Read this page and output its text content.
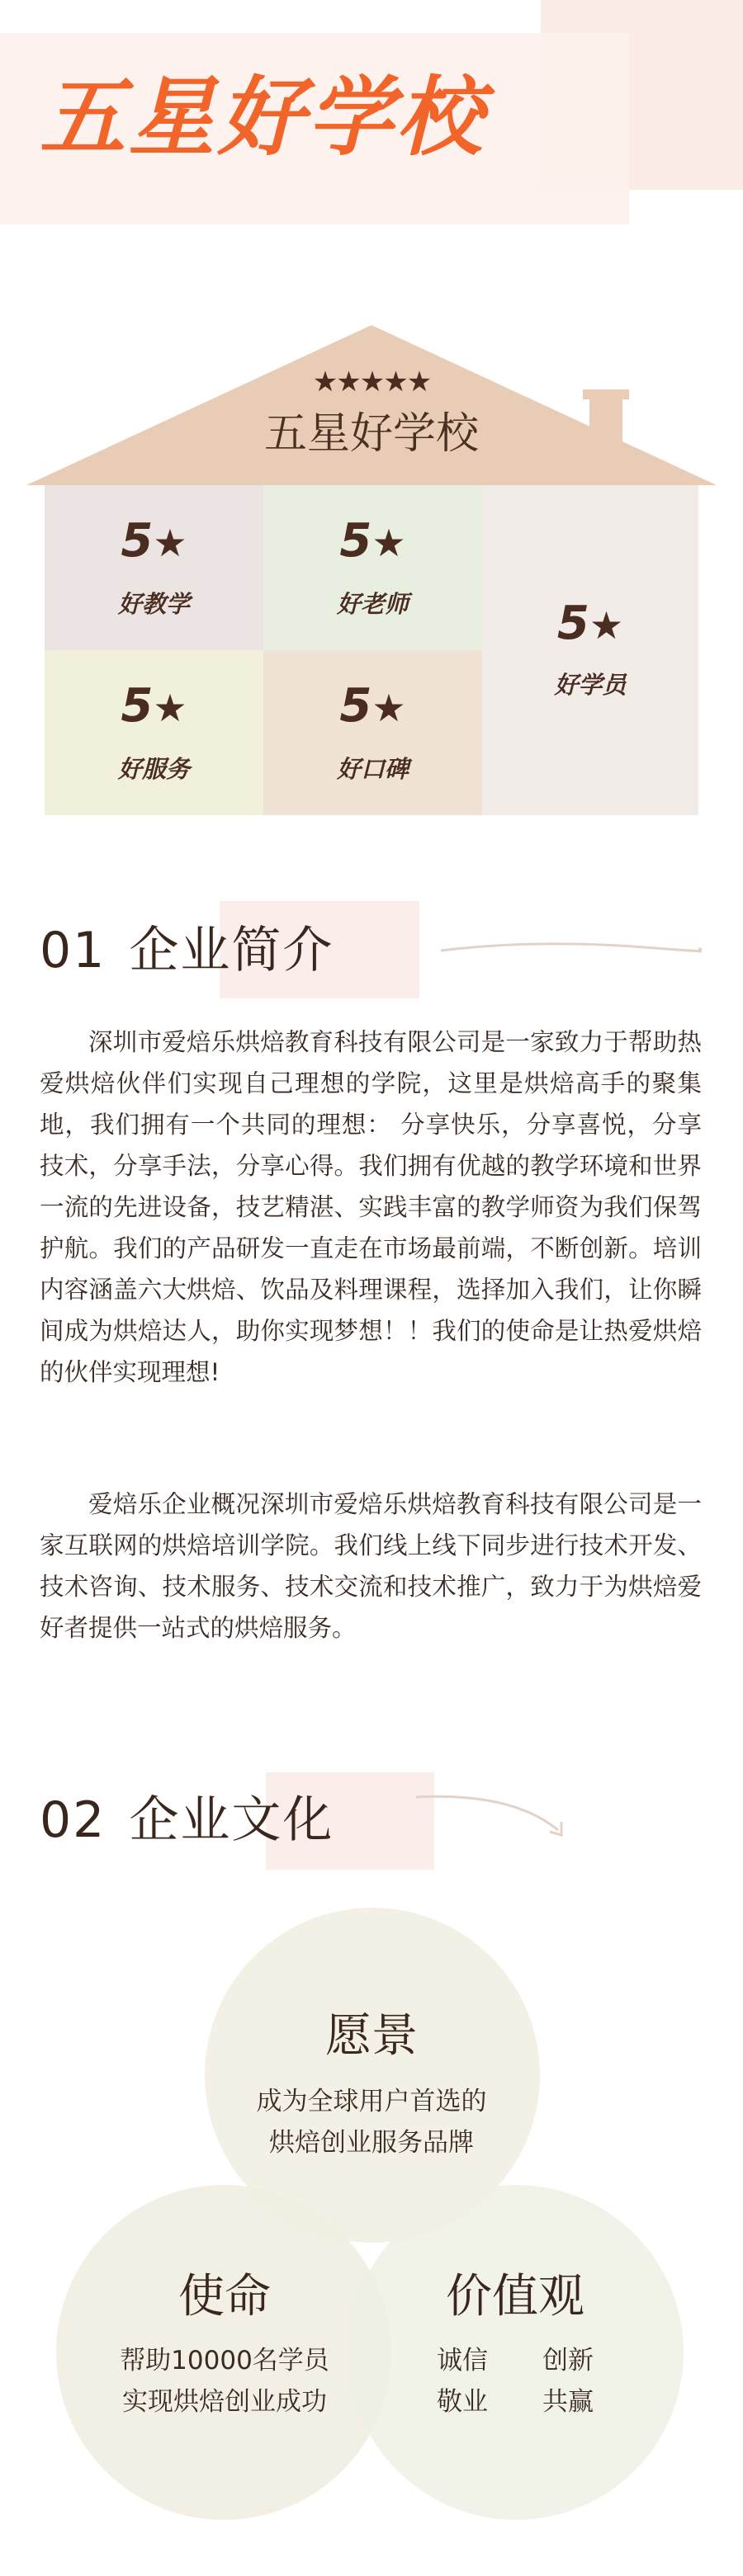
五星好学校
★★★★★
五星好学校
5★
好教学
5★
好老师	5★
好学员
5★
好服务
5★
好口碑
01 企业简介

深圳市爱焙乐烘焙教育科技有限公司是一家致力于帮助热爱烘焙伙伴们实现自己理想的学院，这里是烘焙高手的聚集地，我们拥有一个共同的理想： 分享快乐，分享喜悦，分享技术，分享手法，分享心得。我们拥有优越的教学环境和世界一流的先进设备，技艺精湛、实践丰富的教学师资为我们保驾护航。我们的产品研发一直走在市场最前端，不断创新。培训内容涵盖六大烘焙、饮品及料理课程，选择加入我们，让你瞬间成为烘焙达人，助你实现梦想！！我们的使命是让热爱烘焙的伙伴实现理想!

爱焙乐企业概况深圳市爱焙乐烘焙教育科技有限公司是一家互联网的烘焙培训学院。我们线上线下同步进行技术开发、技术咨询、技术服务、技术交流和技术推广，致力于为烘焙爱好者提供一站式的烘焙服务。

02 企业文化
愿景
成为全球用户首选的
烘焙创业服务品牌
使命
帮助10000名学员
实现烘焙创业成功
价值观
诚信	创新
敬业	共赢
